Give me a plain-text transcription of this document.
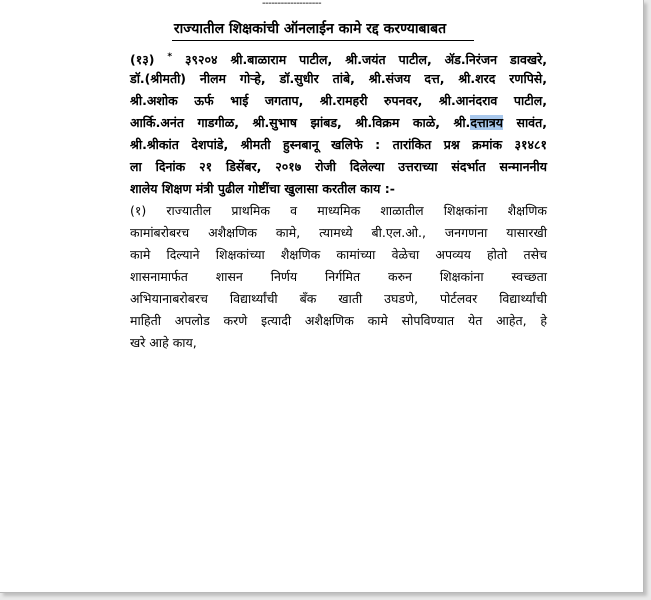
-------------------
राज्यातील शिक्षकांची ऑनलाईन कामे रद्द करण्याबाबत

(१३) * ३९२०४ श्री.बाळाराम पाटील, श्री.जयंत पाटील, ॲड.निरंजन डावखरे,

डॉ.(श्रीमती) नीलम गोऱ्हे, डॉ.सुधीर तांबे, श्री.संजय दत्त, श्री.शरद रणपिसे,

श्री.अशोक ऊर्फ भाई जगताप, श्री.रामहरी रुपनवर, श्री.आनंदराव पाटील,

आर्कि.अनंत गाडगीळ, श्री.सुभाष झांबड, श्री.विक्रम काळे, श्री.दत्तात्रय सावंत,

श्री.श्रीकांत देशपांडे, श्रीमती हुस्नबानू खलिफे : तारांकित प्रश्न क्रमांक ३१४८१

ला दिनांक २१ डिसेंबर, २०१७ रोजी दिलेल्या उत्तराच्या संदर्भात सन्माननीय

शालेय शिक्षण मंत्री पुढील गोष्टींचा खुलासा करतील काय :-

(१) राज्यातील प्राथमिक व माध्यमिक शाळातील शिक्षकांना शैक्षणिक

कामांबरोबरच अशैक्षणिक कामे, त्यामध्ये बी.एल.ओ., जनगणना यासारखी

कामे दिल्याने शिक्षकांच्या शैक्षणिक कामांच्या वेळेचा अपव्यय होतो तसेच

शासनामार्फत शासन निर्णय निर्गमित करुन शिक्षकांना स्वच्छता

अभियानाबरोबरच विद्यार्थ्यांची बँक खाती उघडणे, पोर्टलवर विद्यार्थ्यांची

माहिती अपलोड करणे इत्यादी अशैक्षणिक कामे सोपविण्यात येत आहेत, हे

खरे आहे काय,
